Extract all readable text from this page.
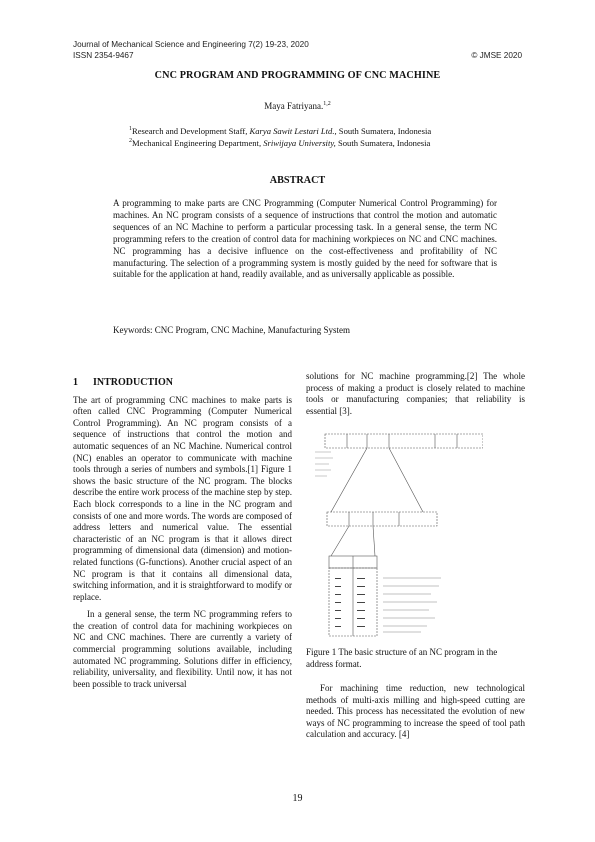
Journal of Mechanical Science and Engineering 7(2) 19-23, 2020
ISSN 2354-9467	© JMSE 2020
CNC PROGRAM AND PROGRAMMING OF CNC MACHINE
Maya Fatriyana.$^{1,2}$
$^1$Research and Development Staff, Karya Sawit Lestari Ltd., South Sumatera, Indonesia
$^2$Mechanical Engineering Department, Sriwijaya University, South Sumatera, Indonesia
ABSTRACT
A programming to make parts are CNC Programming (Computer Numerical Control Programming) for machines. An NC program consists of a sequence of instructions that control the motion and automatic sequences of an NC Machine to perform a particular processing task. In a general sense, the term NC programming refers to the creation of control data for machining workpieces on NC and CNC machines. NC programming has a decisive influence on the cost-effectiveness and profitability of NC manufacturing. The selection of a programming system is mostly guided by the need for software that is suitable for the application at hand, readily available, and as universally applicable as possible.
Keywords: CNC Program, CNC Machine, Manufacturing System
1 INTRODUCTION

The art of programming CNC machines to make parts is often called CNC Programming (Computer Numerical Control Programming). An NC program consists of a sequence of instructions that control the motion and automatic sequences of an NC Machine. Numerical control (NC) enables an operator to communicate with machine tools through a series of numbers and symbols.[1] Figure 1 shows the basic structure of the NC program. The blocks describe the entire work process of the machine step by step. Each block corresponds to a line in the NC program and consists of one and more words. The words are composed of address letters and numerical value. The essential characteristic of an NC program is that it allows direct programming of dimensional data (dimension) and motion-related functions (G-functions). Another crucial aspect of an NC program is that it contains all dimensional data, switching information, and it is straightforward to modify or replace.

In a general sense, the term NC programming refers to the creation of control data for machining workpieces on NC and CNC machines. There are currently a variety of commercial programming solutions available, including automated NC programming. Solutions differ in efficiency, reliability, universality, and flexibility. Until now, it has not been possible to track universal

solutions for NC machine programming.[2] The whole process of making a product is closely related to machine tools or manufacturing companies; that reliability is essential [3].

Figure 1 The basic structure of an NC program in the address format.

For machining time reduction, new technological methods of multi-axis milling and high-speed cutting are needed. This process has necessitated the evolution of new ways of NC programming to increase the speed of tool path calculation and accuracy. [4]

19
